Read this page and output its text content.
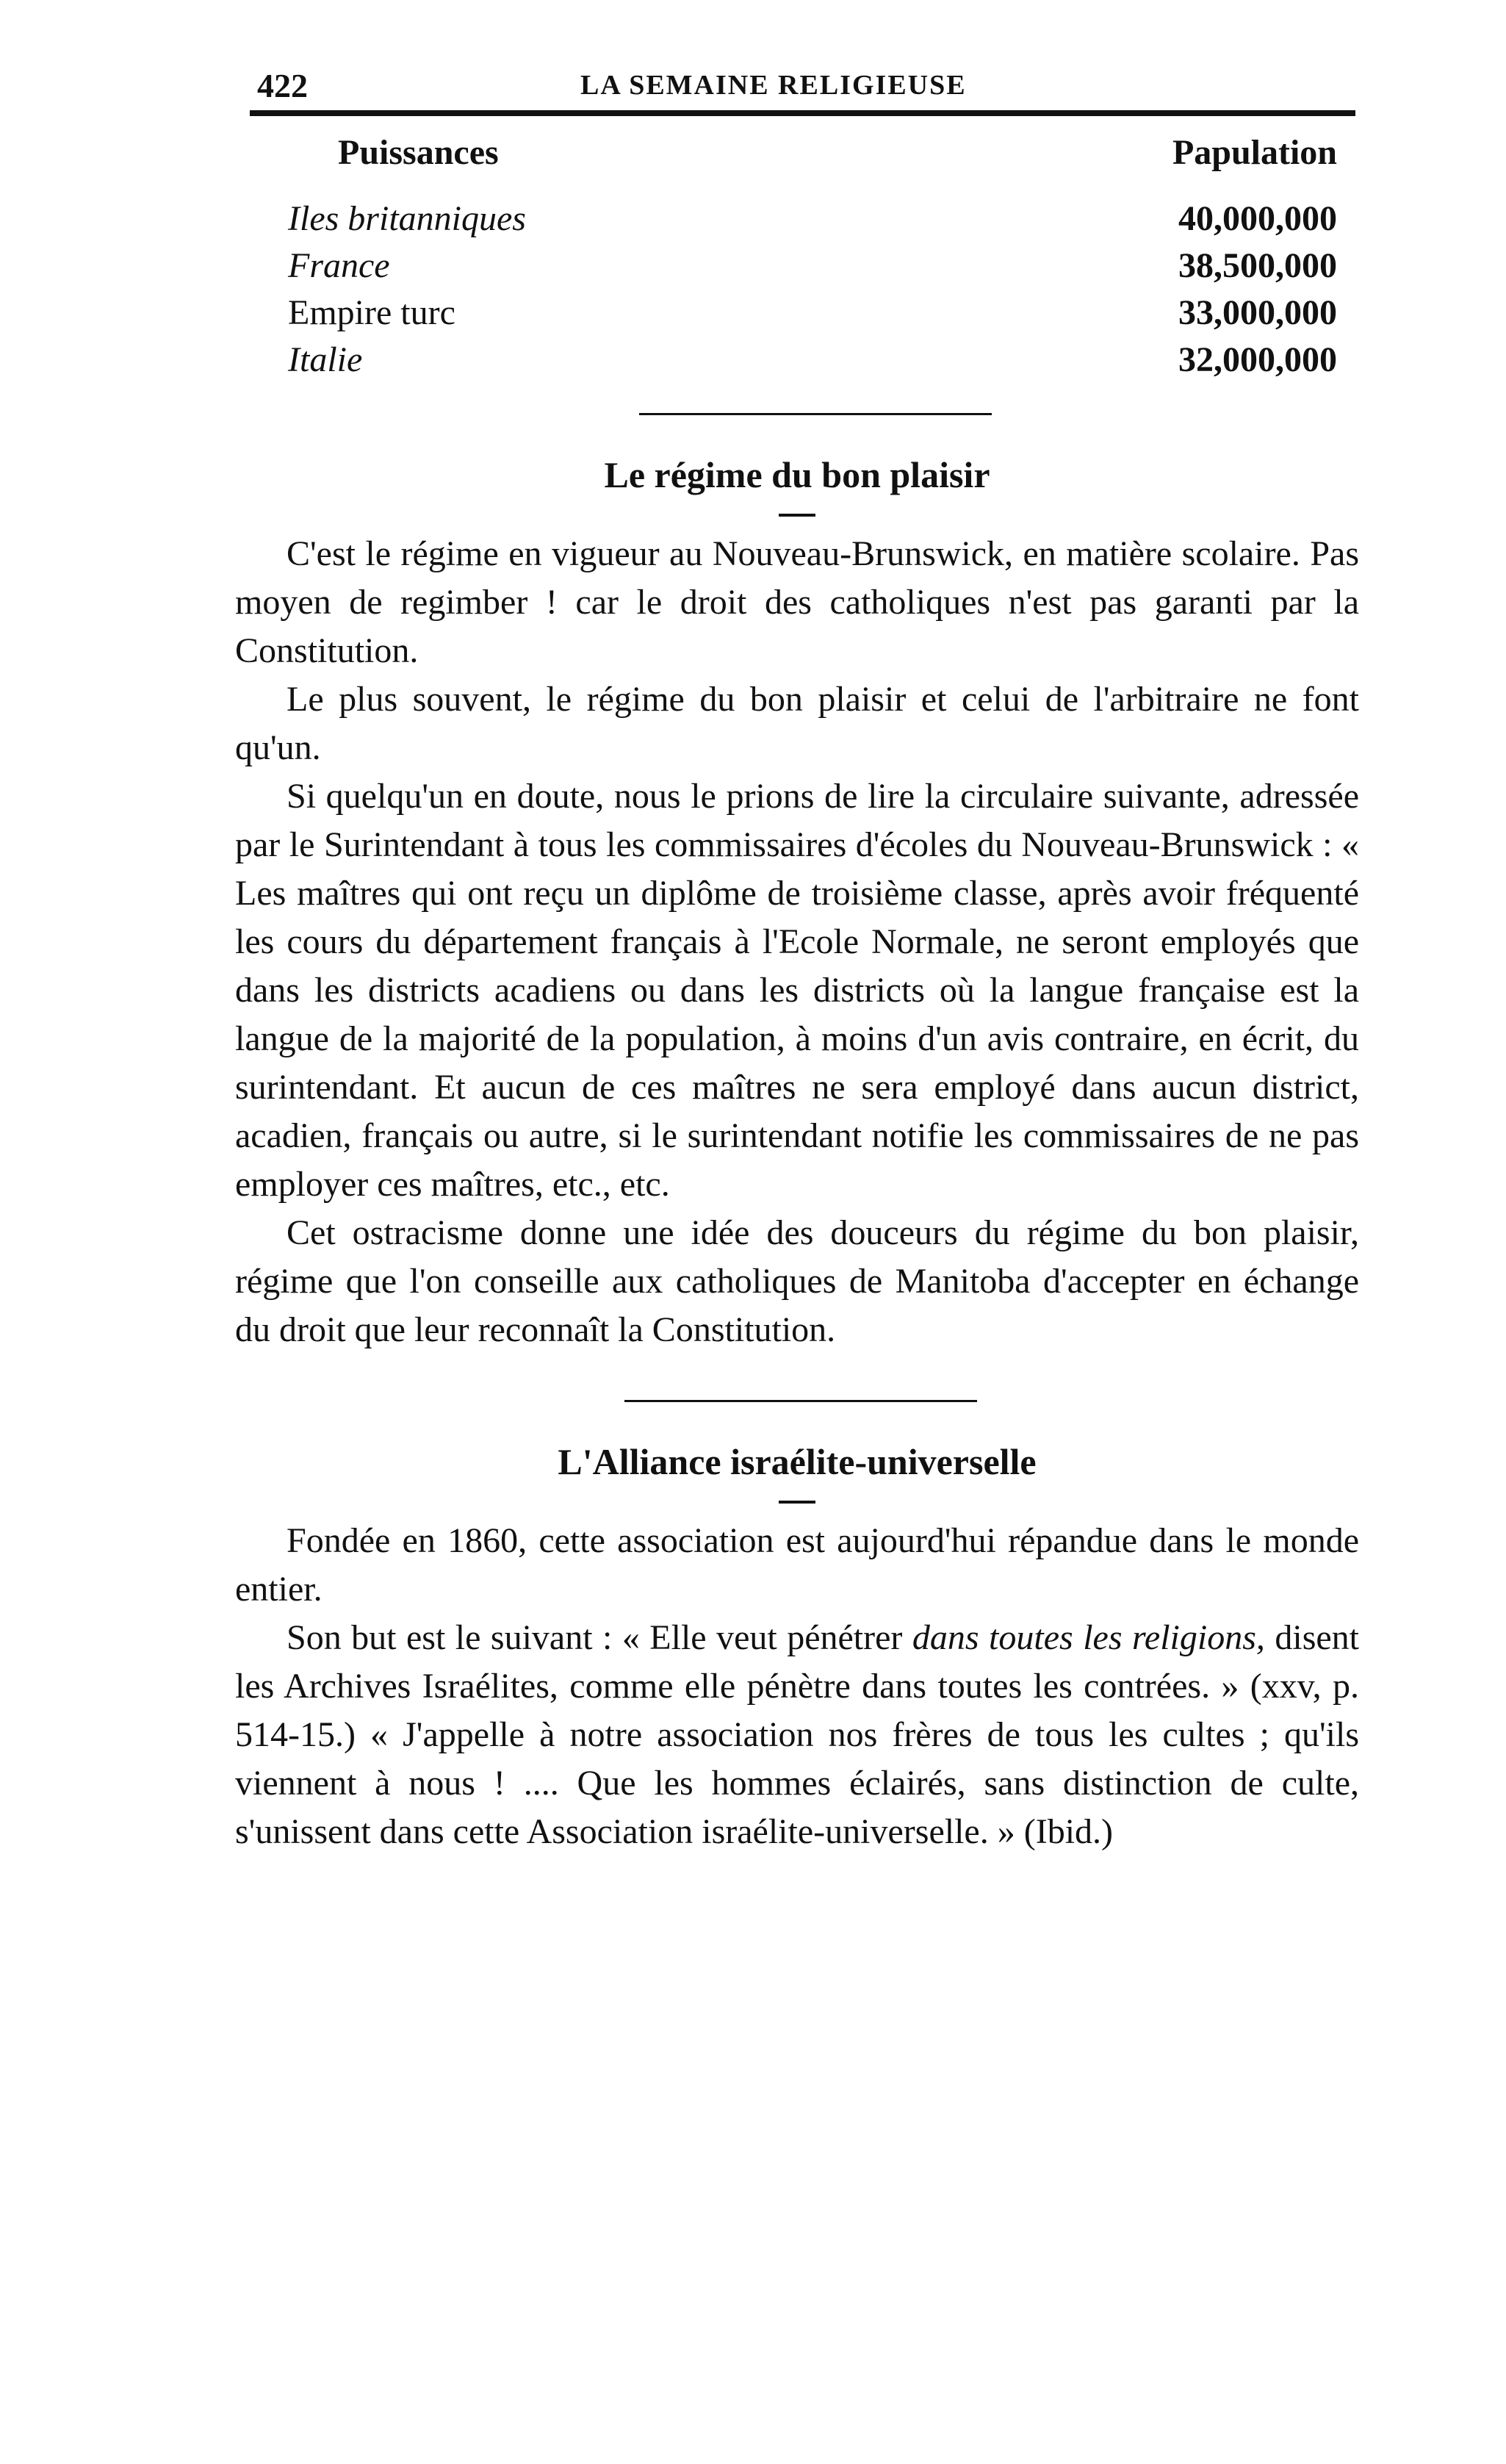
422	LA SEMAINE RELIGIEUSE
Puissances	Papulation
Iles britanniques	40,000,000
France	38,500,000
Empire turc	33,000,000
Italie	32,000,000
Le régime du bon plaisir

C'est le régime en vigueur au Nouveau-Brunswick, en matière scolaire. Pas moyen de regimber ! car le droit des catholiques n'est pas garanti par la Constitution.

Le plus souvent, le régime du bon plaisir et celui de l'arbitraire ne font qu'un.

Si quelqu'un en doute, nous le prions de lire la circulaire suivante, adressée par le Surintendant à tous les commissaires d'écoles du Nouveau-Brunswick : « Les maîtres qui ont reçu un diplôme de troisième classe, après avoir fréquenté les cours du département français à l'Ecole Normale, ne seront employés que dans les districts acadiens ou dans les districts où la langue française est la langue de la majorité de la population, à moins d'un avis contraire, en écrit, du surintendant. Et aucun de ces maîtres ne sera employé dans aucun district, acadien, français ou autre, si le surintendant notifie les commissaires de ne pas employer ces maîtres, etc., etc.

Cet ostracisme donne une idée des douceurs du régime du bon plaisir, régime que l'on conseille aux catholiques de Manitoba d'accepter en échange du droit que leur reconnaît la Constitution.

L'Alliance israélite-universelle

Fondée en 1860, cette association est aujourd'hui répandue dans le monde entier.

Son but est le suivant : « Elle veut pénétrer dans toutes les religions, disent les Archives Israélites, comme elle pénètre dans toutes les contrées. » (xxv, p. 514-15.) « J'appelle à notre association nos frères de tous les cultes ; qu'ils viennent à nous ! .... Que les hommes éclairés, sans distinction de culte, s'unissent dans cette Association israélite-universelle. » (Ibid.)
